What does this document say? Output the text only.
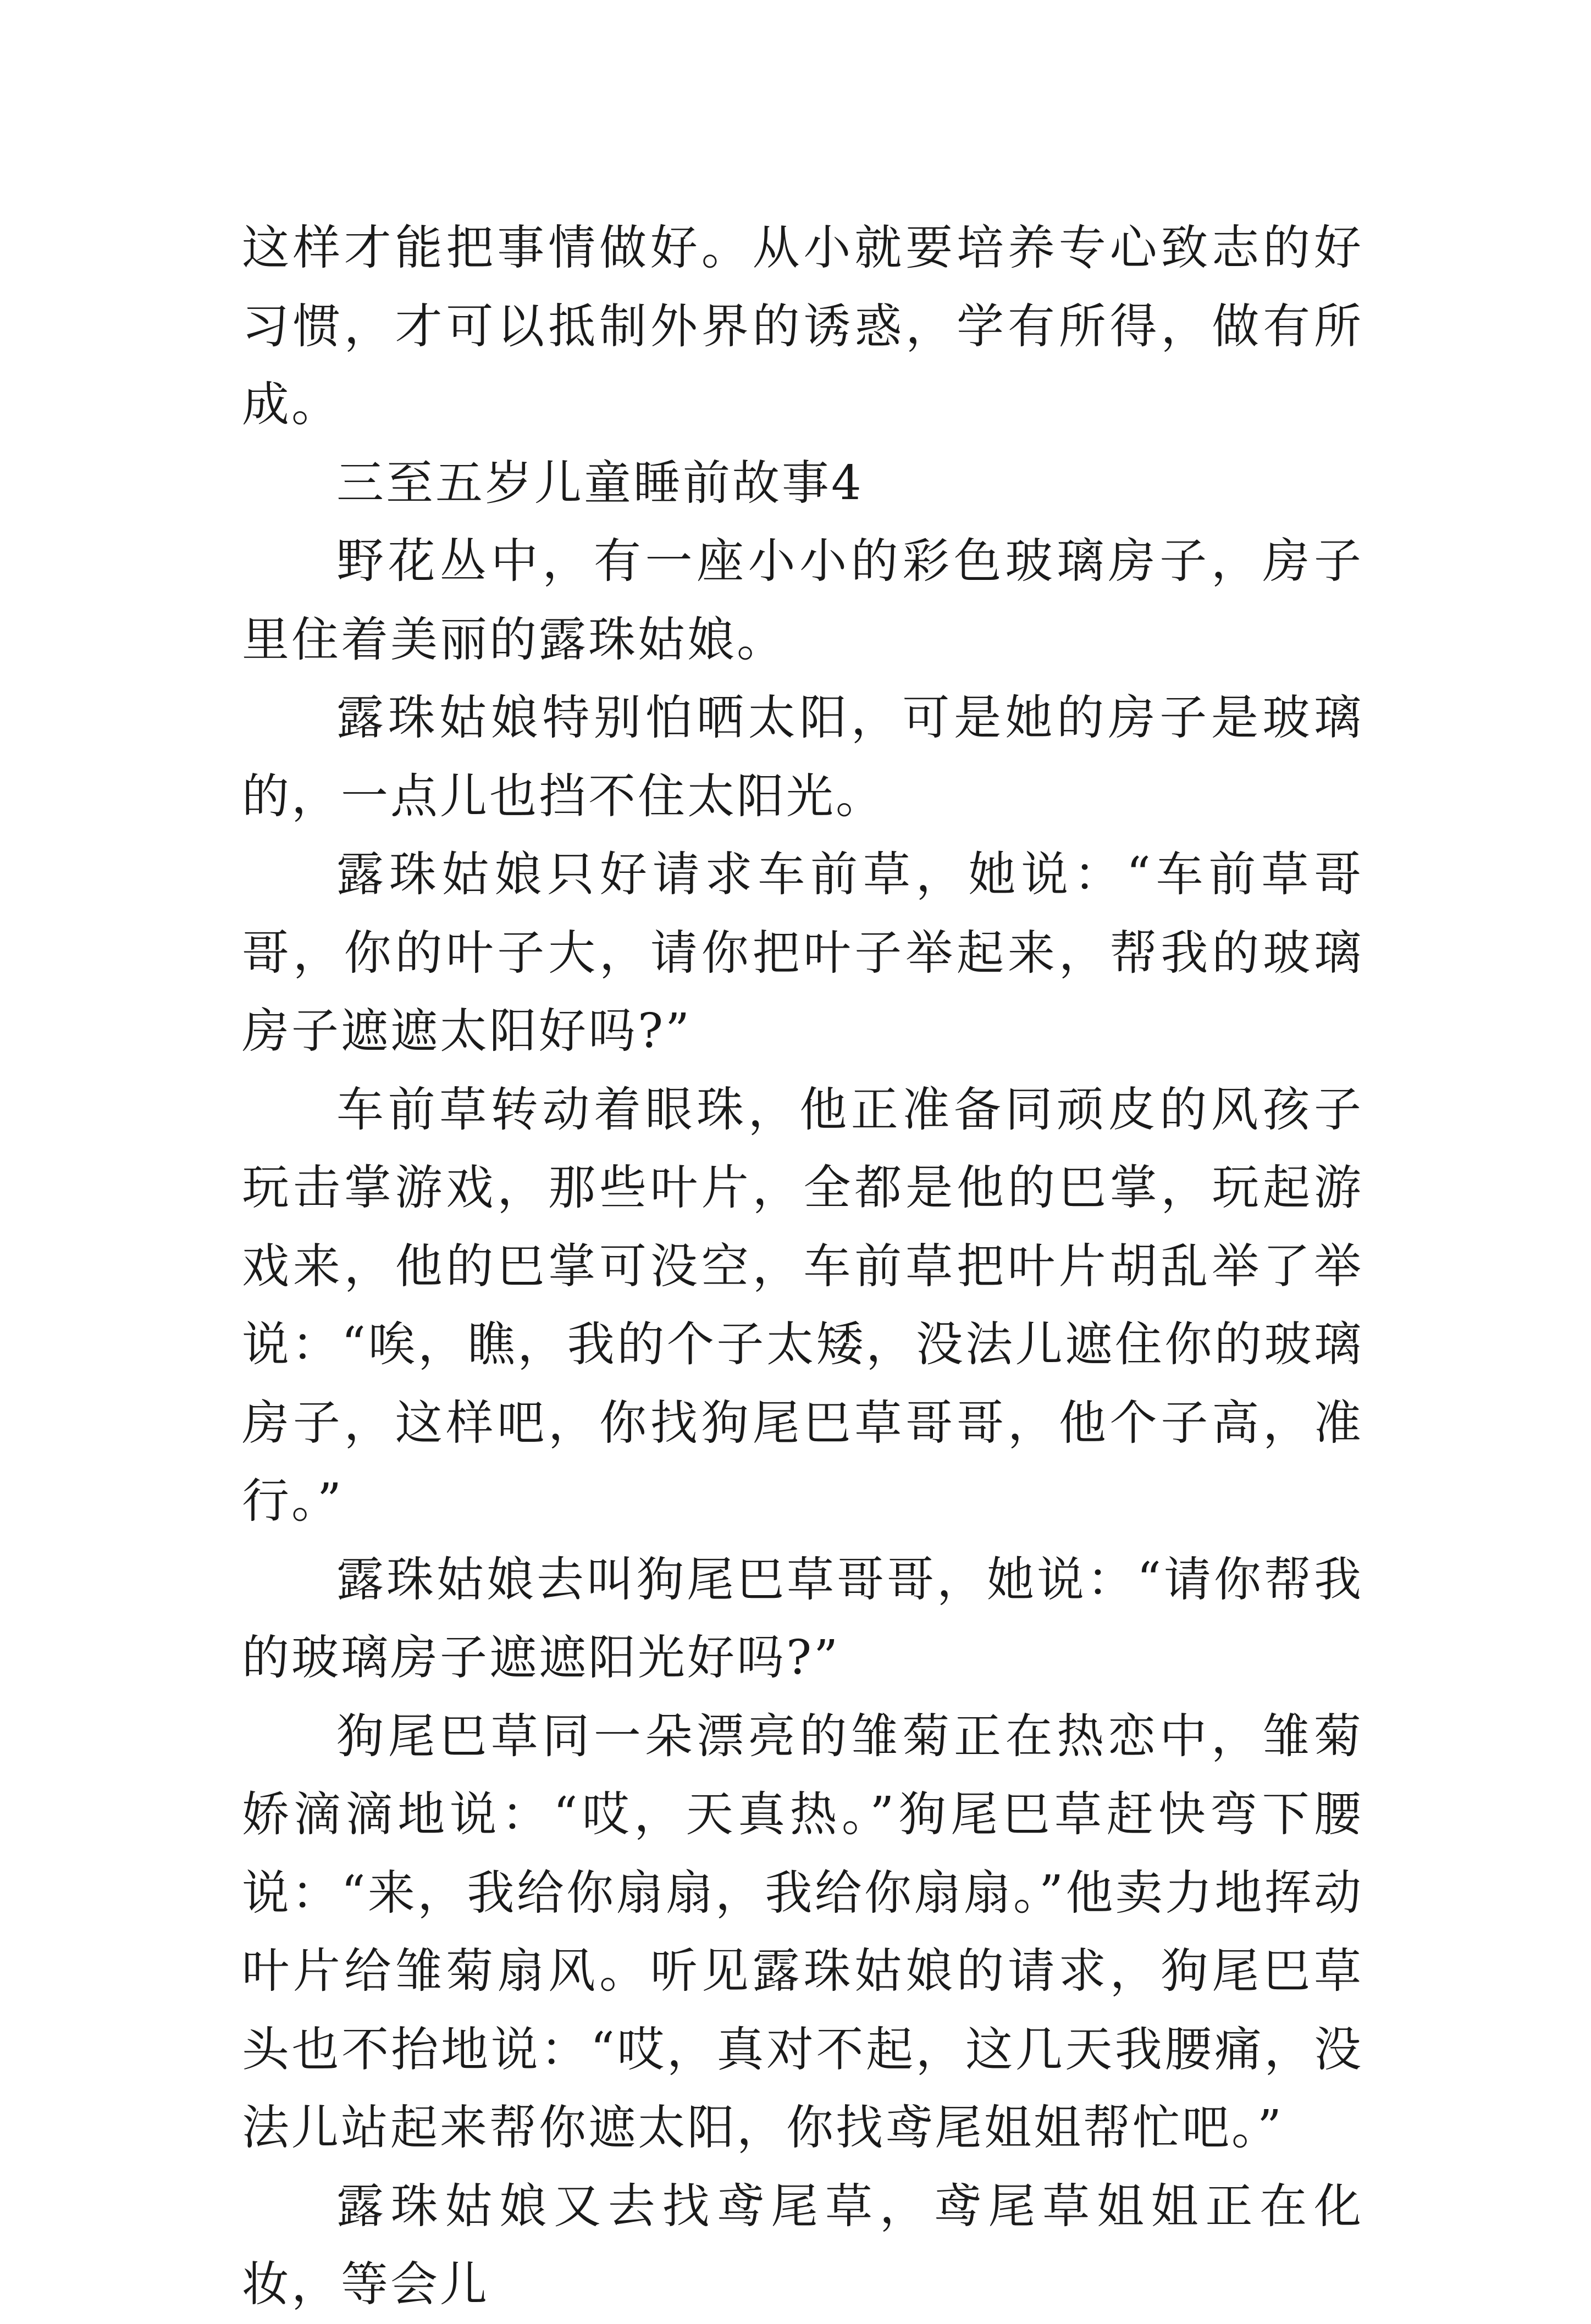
这样才能把事情做好。从小就要培养专心致志的好习惯，才可以抵制外界的诱惑，学有所得，做有所成。

三至五岁儿童睡前故事4

野花丛中，有一座小小的彩色玻璃房子，房子里住着美丽的露珠姑娘。

露珠姑娘特别怕晒太阳，可是她的房子是玻璃的，一点儿也挡不住太阳光。

露珠姑娘只好请求车前草，她说：“车前草哥哥，你的叶子大，请你把叶子举起来，帮我的玻璃房子遮遮太阳好吗?”

车前草转动着眼珠，他正准备同顽皮的风孩子玩击掌游戏，那些叶片，全都是他的巴掌，玩起游戏来，他的巴掌可没空，车前草把叶片胡乱举了举说：“唉，瞧，我的个子太矮，没法儿遮住你的玻璃房子，这样吧，你找狗尾巴草哥哥，他个子高，准行。”

露珠姑娘去叫狗尾巴草哥哥，她说：“请你帮我的玻璃房子遮遮阳光好吗?”

狗尾巴草同一朵漂亮的雏菊正在热恋中，雏菊娇滴滴地说：“哎，天真热。”狗尾巴草赶快弯下腰说：“来，我给你扇扇，我给你扇扇。”他卖力地挥动叶片给雏菊扇风。听见露珠姑娘的请求，狗尾巴草头也不抬地说：“哎，真对不起，这几天我腰痛，没法儿站起来帮你遮太阳，你找鸢尾姐姐帮忙吧。”

露珠姑娘又去找鸢尾草，鸢尾草姐姐正在化妆，等会儿
